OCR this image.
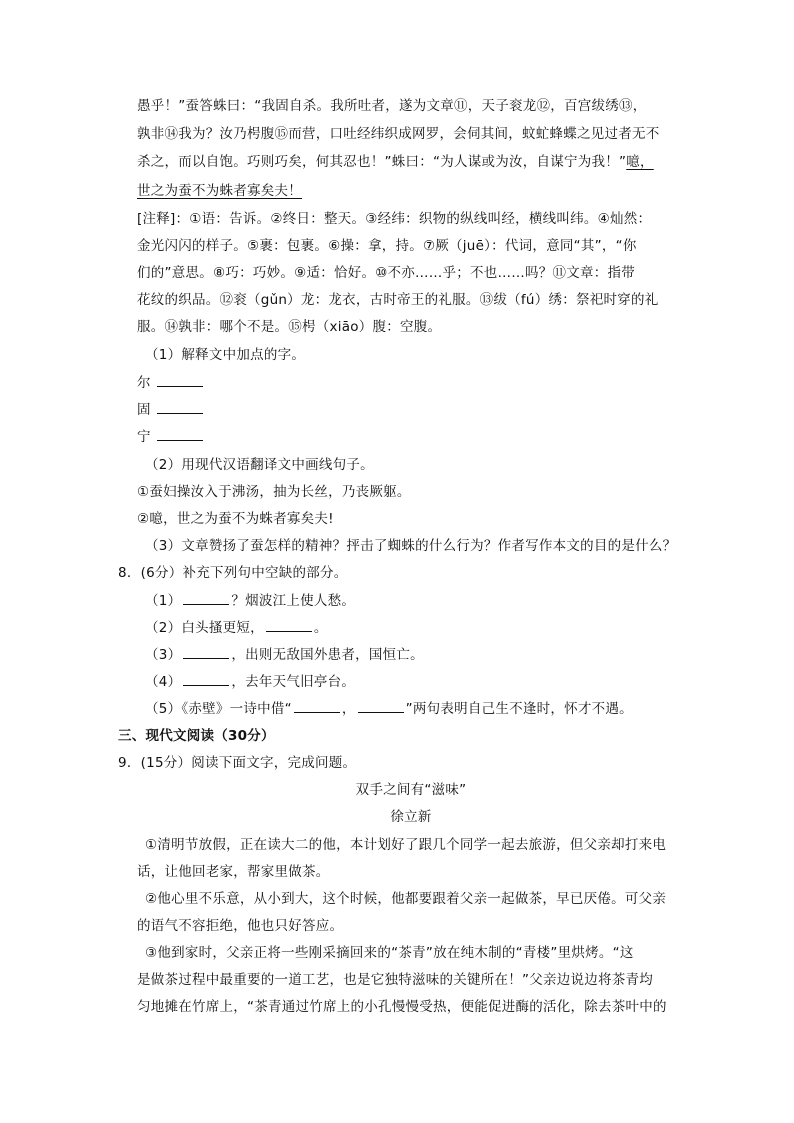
愚乎！”蚕答蛛曰：“我固自杀。我所吐者，遂为文章⑪，天子衮龙⑫，百宫绂绣⑬，
孰非⑭我为？汝乃枵腹⑮而营，口吐经纬织成网罗，会伺其间，蚊虻蜂蝶之见过者无不
杀之，而以自饱。巧则巧矣，何其忍也！”蛛曰：“为人谋或为汝，自谋宁为我！”噫，
世之为蚕不为蛛者寡矣夫！
[注释]：①语：告诉。②终日：整天。③经纬：织物的纵线叫经，横线叫纬。④灿然：
金光闪闪的样子。⑤裹：包裹。⑥操：拿，持。⑦厥（juē）：代词，意同“其”，“你
们的”意思。⑧巧：巧妙。⑨适：恰好。⑩不亦……乎；不也……吗？⑪文章：指带
花纹的织品。⑫衮（gǔn）龙：龙衣，古时帝王的礼服。⑬绂（fú）绣：祭祀时穿的礼
服。⑭孰非：哪个不是。⑮枵（xiāo）腹：空腹。
（1）解释文中加点的字。
尔
固
宁
（2）用现代汉语翻译文中画线句子。
①蚕妇操汝入于沸汤，抽为长丝，乃丧厥躯。
②噫，世之为蚕不为蛛者寡矣夫!
（3）文章赞扬了蚕怎样的精神？抨击了蜘蛛的什么行为？作者写作本文的目的是什么？
8．(6分）补充下列句中空缺的部分。
（1）	？烟波江上使人愁。
（2）白头搔更短，	。
（3）	，出则无敌国外患者，国恒亡。
（4）	，去年天气旧亭台。
（5）《赤壁》一诗中借“	，	”两句表明自己生不逢时，怀才不遇。
三、现代文阅读（30分）
9．(15分）阅读下面文字，完成问题。
双手之间有“滋味”
徐立新
①清明节放假，正在读大二的他，本计划好了跟几个同学一起去旅游，但父亲却打来电
话，让他回老家，帮家里做茶。
②他心里不乐意，从小到大，这个时候，他都要跟着父亲一起做茶，早已厌倦。可父亲
的语气不容拒绝，他也只好答应。
③他到家时，父亲正将一些刚采摘回来的“茶青”放在纯木制的“青楼”里烘烤。“这
是做茶过程中最重要的一道工艺，也是它独特滋味的关键所在！”父亲边说边将茶青均
匀地摊在竹席上，“茶青通过竹席上的小孔慢慢受热，便能促进酶的活化，除去茶叶中的
